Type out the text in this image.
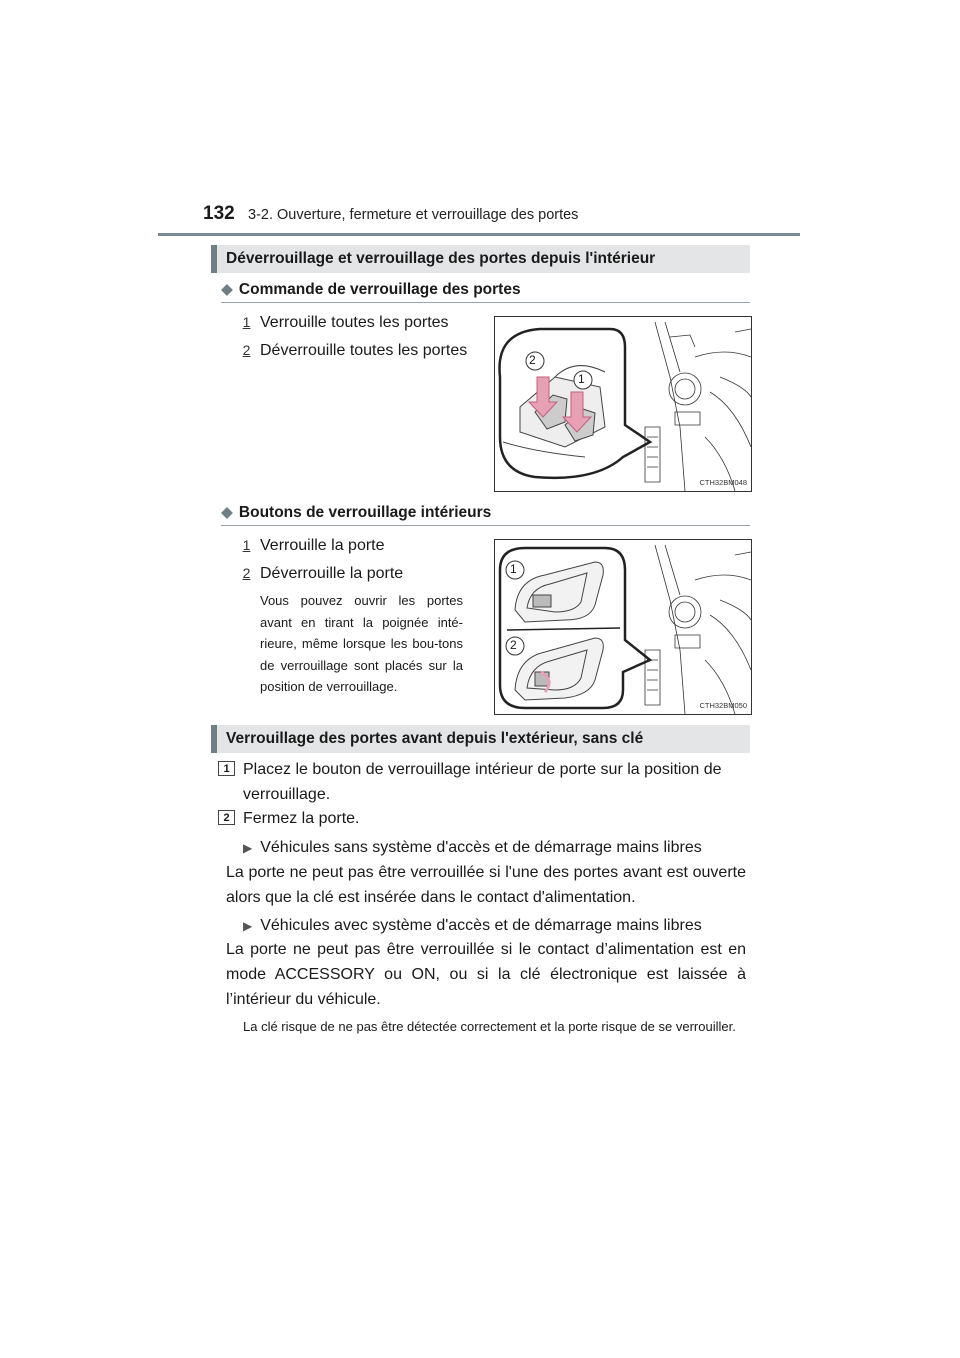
132 3-2. Ouverture, fermeture et verrouillage des portes
Déverrouillage et verrouillage des portes depuis l'intérieur
◆ Commande de verrouillage des portes
1 Verrouille toutes les portes
2 Déverrouille toutes les portes
2
1
CTH32BM048
◆ Boutons de verrouillage intérieurs
1 Verrouille la porte
2 Déverrouille la porte
Vous pouvez ouvrir les portes avant en tirant la poignée inté-rieure, même lorsque les bou-tons de verrouillage sont placés sur la position de verrouillage.
1
2
CTH32BM050
Verrouillage des portes avant depuis l'extérieur, sans clé
1 Placez le bouton de verrouillage intérieur de porte sur la position de
verrouillage.
2 Fermez la porte.
▶ Véhicules sans système d'accès et de démarrage mains libres
La porte ne peut pas être verrouillée si l'une des portes avant est ouverte alors que la clé est insérée dans le contact d'alimentation.
▶ Véhicules avec système d'accès et de démarrage mains libres
La porte ne peut pas être verrouillée si le contact d’alimentation est en mode ACCESSORY ou ON, ou si la clé électronique est laissée à l’intérieur du véhicule.
La clé risque de ne pas être détectée correctement et la porte risque de se verrouiller.
